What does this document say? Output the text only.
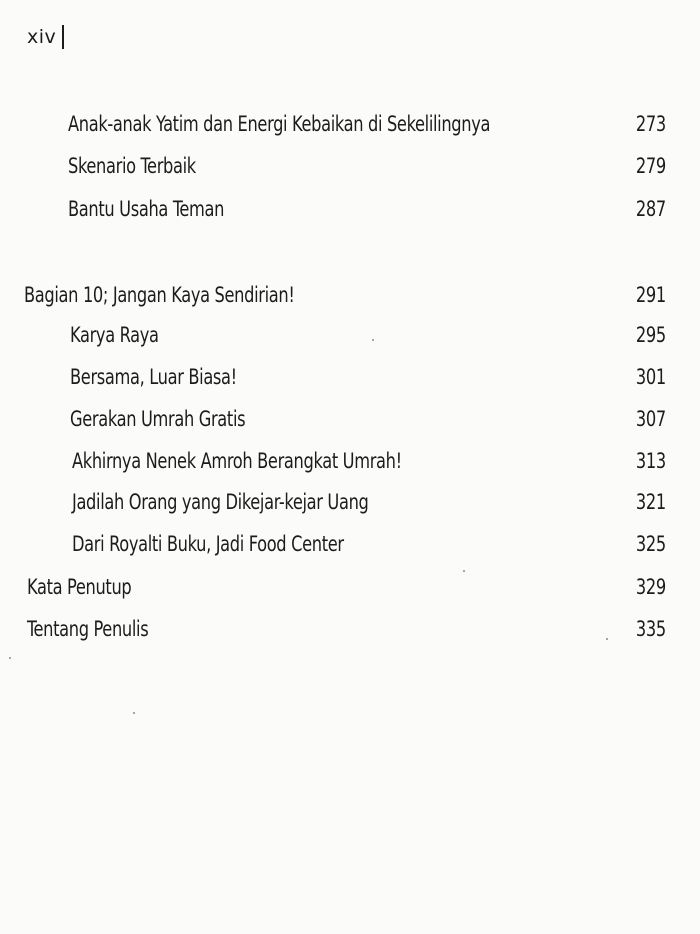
xiv
Anak-anak Yatim dan Energi Kebaikan di Sekelilingnya	273
Skenario Terbaik	279
Bantu Usaha Teman	287
Bagian 10; Jangan Kaya Sendirian!	291
Karya Raya	295
Bersama, Luar Biasa!	301
Gerakan Umrah Gratis	307
Akhirnya Nenek Amroh Berangkat Umrah!	313
Jadilah Orang yang Dikejar-kejar Uang	321
Dari Royalti Buku, Jadi Food Center	325
Kata Penutup	329
Tentang Penulis	335
